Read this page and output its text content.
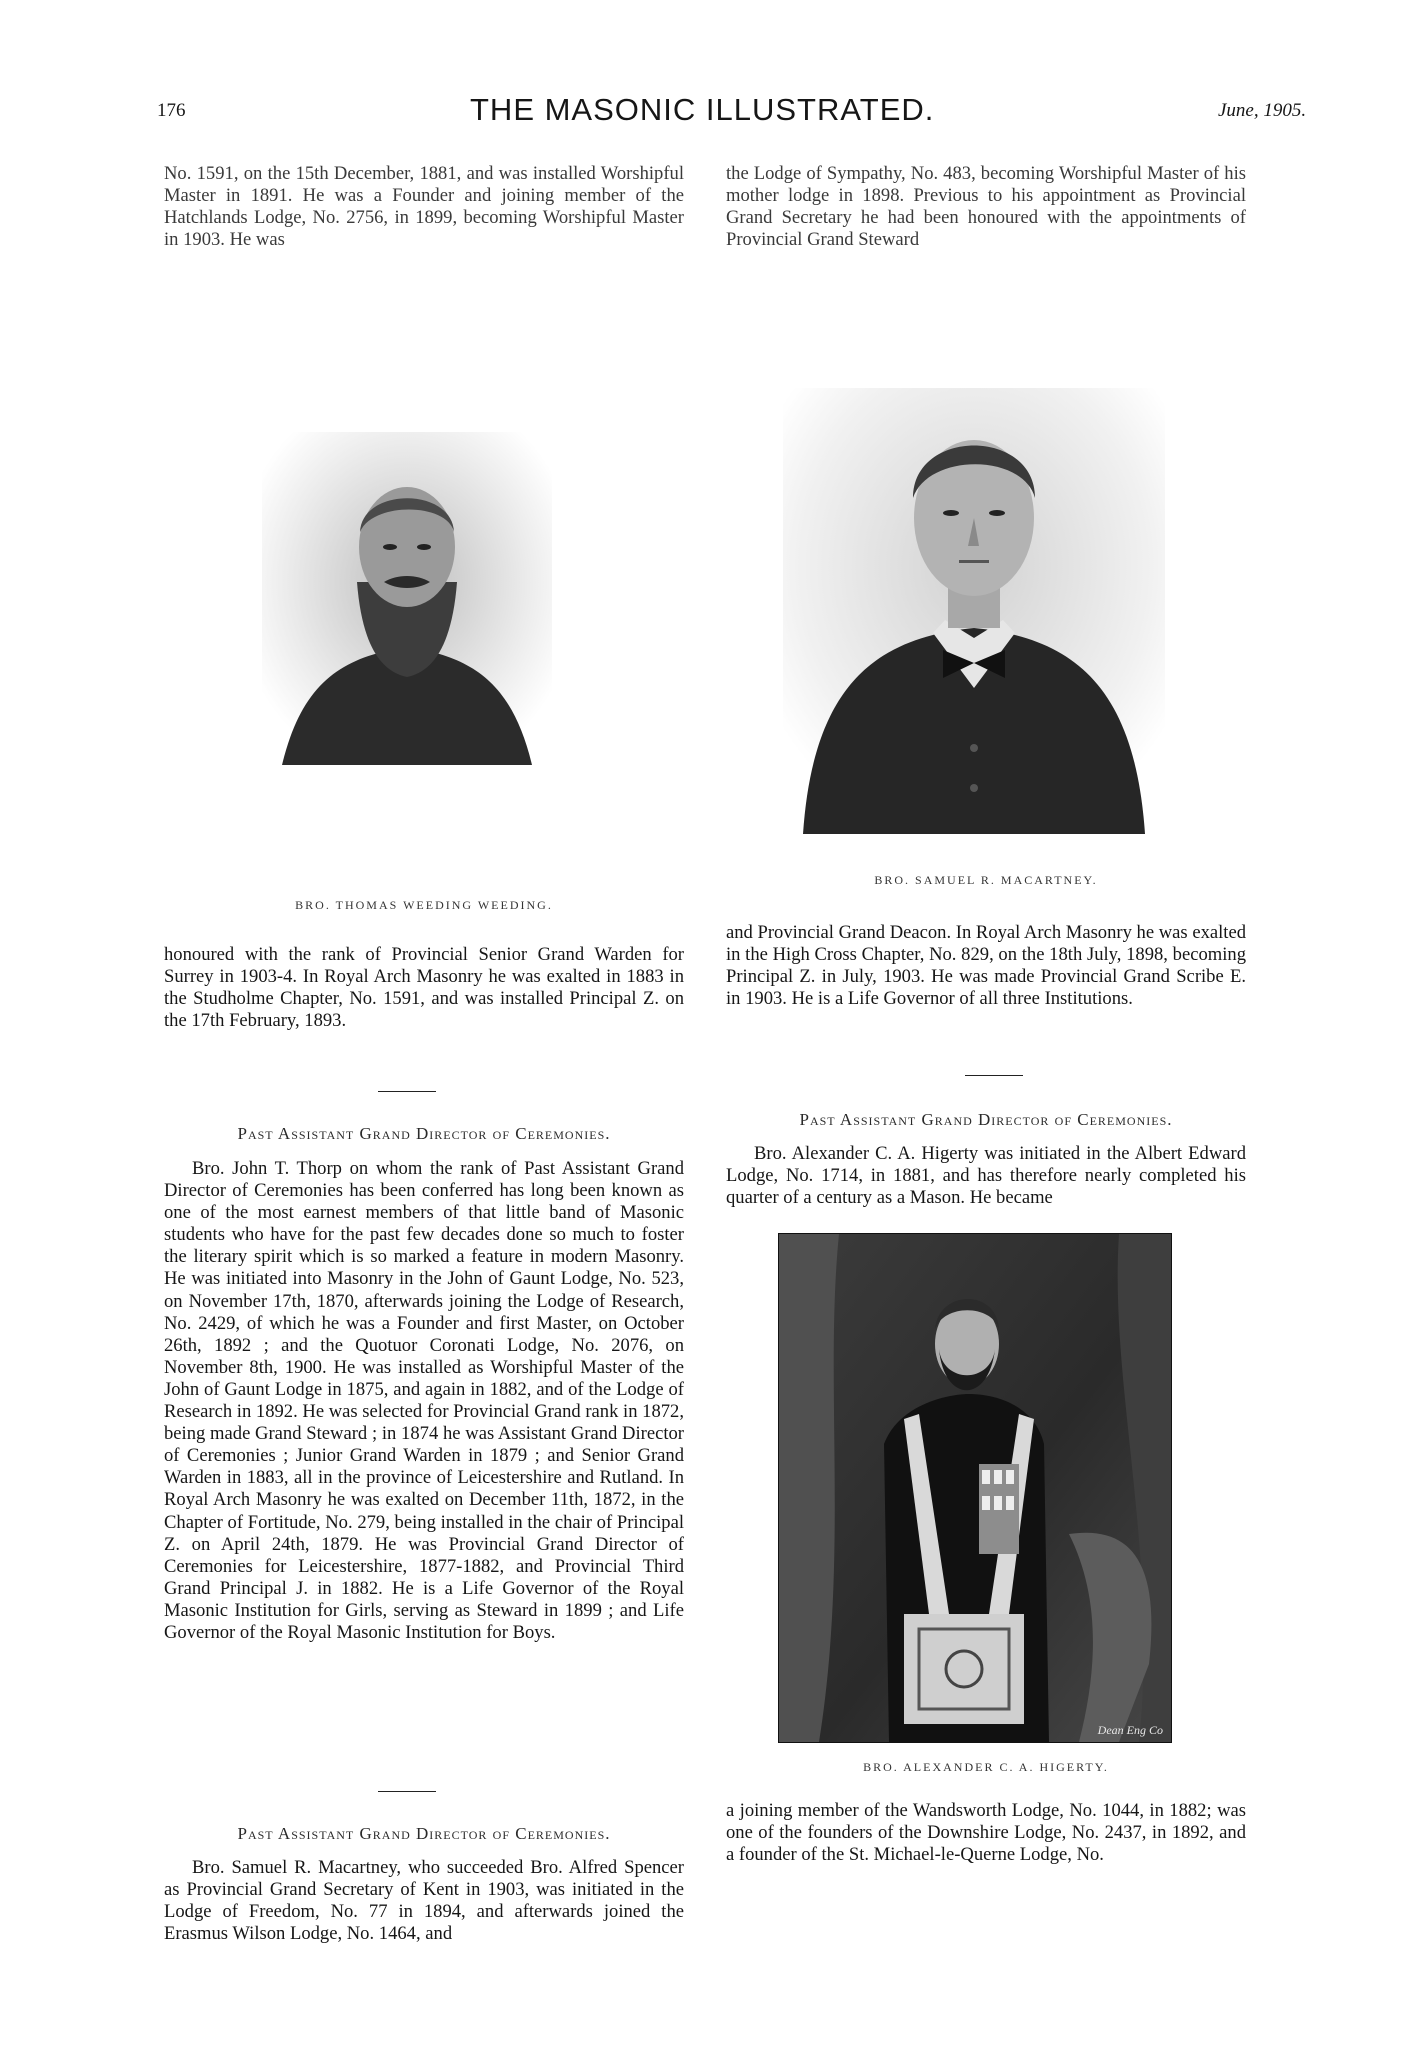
176	THE MASONIC ILLUSTRATED.	June, 1905.

No. 1591, on the 15th December, 1881, and was installed Worshipful Master in 1891. He was a Founder and joining member of the Hatchlands Lodge, No. 2756, in 1899, becoming Worshipful Master in 1903. He was

BRO. THOMAS WEEDING WEEDING.

honoured with the rank of Provincial Senior Grand Warden for Surrey in 1903-4. In Royal Arch Masonry he was exalted in 1883 in the Studholme Chapter, No. 1591, and was installed Principal Z. on the 17th February, 1893.

Past Assistant Grand Director of Ceremonies.

Bro. John T. Thorp on whom the rank of Past Assistant Grand Director of Ceremonies has been conferred has long been known as one of the most earnest members of that little band of Masonic students who have for the past few decades done so much to foster the literary spirit which is so marked a feature in modern Masonry. He was initiated into Masonry in the John of Gaunt Lodge, No. 523, on November 17th, 1870, afterwards joining the Lodge of Research, No. 2429, of which he was a Founder and first Master, on October 26th, 1892 ; and the Quotuor Coronati Lodge, No. 2076, on November 8th, 1900. He was installed as Worshipful Master of the John of Gaunt Lodge in 1875, and again in 1882, and of the Lodge of Research in 1892. He was selected for Provincial Grand rank in 1872, being made Grand Steward ; in 1874 he was Assistant Grand Director of Ceremonies ; Junior Grand Warden in 1879 ; and Senior Grand Warden in 1883, all in the province of Leicestershire and Rutland. In Royal Arch Masonry he was exalted on December 11th, 1872, in the Chapter of Fortitude, No. 279, being installed in the chair of Principal Z. on April 24th, 1879. He was Provincial Grand Director of Ceremonies for Leicestershire, 1877-1882, and Provincial Third Grand Principal J. in 1882. He is a Life Governor of the Royal Masonic Institution for Girls, serving as Steward in 1899 ; and Life Governor of the Royal Masonic Institution for Boys.

Past Assistant Grand Director of Ceremonies.

Bro. Samuel R. Macartney, who succeeded Bro. Alfred Spencer as Provincial Grand Secretary of Kent in 1903, was initiated in the Lodge of Freedom, No. 77 in 1894, and afterwards joined the Erasmus Wilson Lodge, No. 1464, and

the Lodge of Sympathy, No. 483, becoming Worshipful Master of his mother lodge in 1898. Previous to his appointment as Provincial Grand Secretary he had been honoured with the appointments of Provincial Grand Steward

BRO. SAMUEL R. MACARTNEY.

and Provincial Grand Deacon. In Royal Arch Masonry he was exalted in the High Cross Chapter, No. 829, on the 18th July, 1898, becoming Principal Z. in July, 1903. He was made Provincial Grand Scribe E. in 1903. He is a Life Governor of all three Institutions.

Past Assistant Grand Director of Ceremonies.

Bro. Alexander C. A. Higerty was initiated in the Albert Edward Lodge, No. 1714, in 1881, and has therefore nearly completed his quarter of a century as a Mason. He became

Dean Eng Co
BRO. ALEXANDER C. A. HIGERTY.

a joining member of the Wandsworth Lodge, No. 1044, in 1882; was one of the founders of the Downshire Lodge, No. 2437, in 1892, and a founder of the St. Michael-le-Querne Lodge, No.
